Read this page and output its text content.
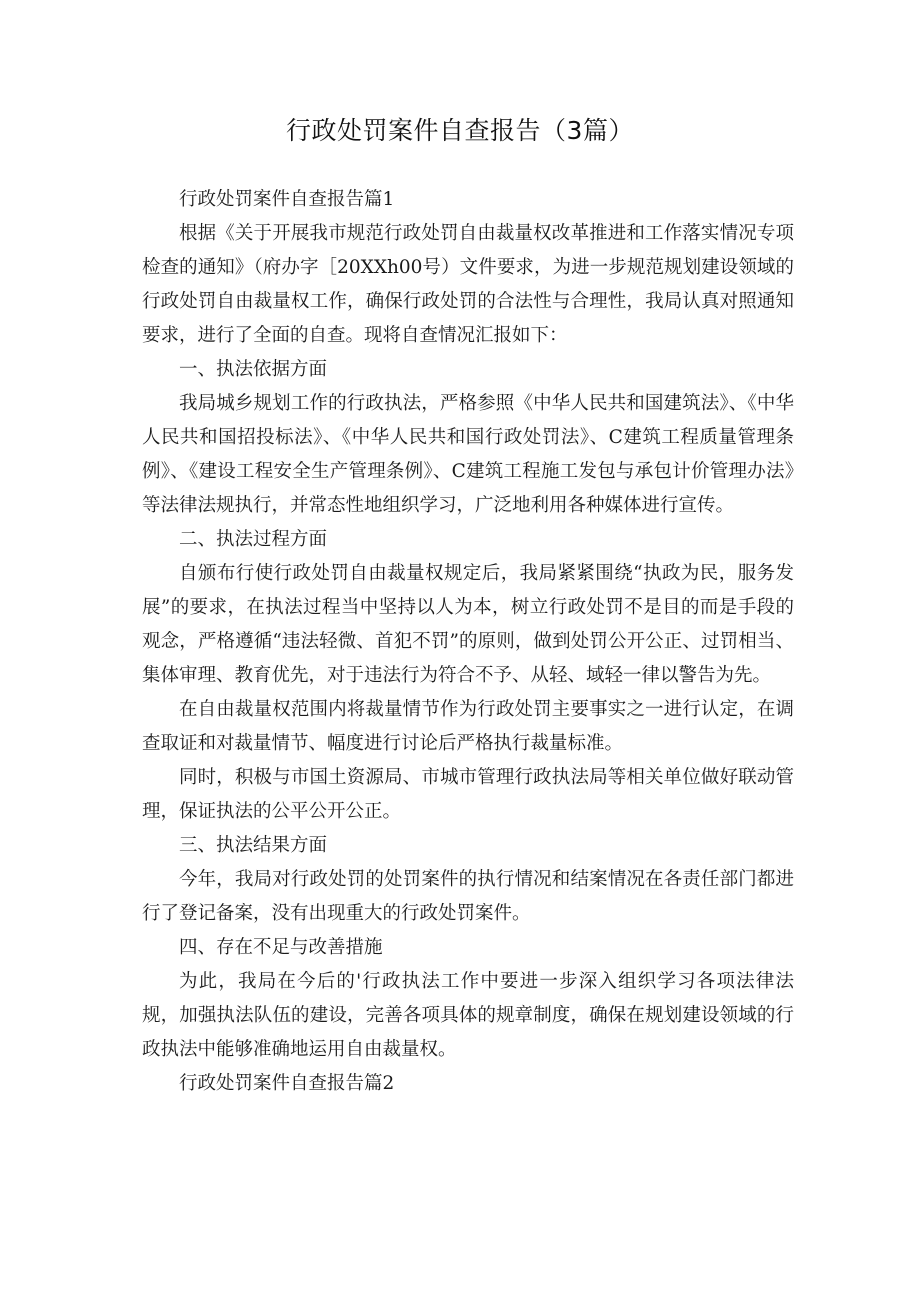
行政处罚案件自查报告（3篇）

行政处罚案件自查报告篇1

根据《关于开展我市规范行政处罚自由裁量权改革推进和工作落实情况专项检查的通知》（府办字［20XXh00号）文件要求，为进一步规范规划建设领域的行政处罚自由裁量权工作，确保行政处罚的合法性与合理性，我局认真对照通知要求，进行了全面的自查。现将自查情况汇报如下：

一、执法依据方面

我局城乡规划工作的行政执法，严格参照《中华人民共和国建筑法》、《中华人民共和国招投标法》、《中华人民共和国行政处罚法》、C建筑工程质量管理条例》、《建设工程安全生产管理条例》、C建筑工程施工发包与承包计价管理办法》等法律法规执行，并常态性地组织学习，广泛地利用各种媒体进行宣传。

二、执法过程方面

自颁布行使行政处罚自由裁量权规定后，我局紧紧围绕“执政为民，服务发展”的要求，在执法过程当中坚持以人为本，树立行政处罚不是目的而是手段的观念，严格遵循“违法轻微、首犯不罚”的原则，做到处罚公开公正、过罚相当、集体审理、教育优先，对于违法行为符合不予、从轻、域轻一律以警告为先。

在自由裁量权范围内将裁量情节作为行政处罚主要事实之一进行认定，在调查取证和对裁量情节、幅度进行讨论后严格执行裁量标准。

同时，积极与市国土资源局、市城市管理行政执法局等相关单位做好联动管理，保证执法的公平公开公正。

三、执法结果方面

今年，我局对行政处罚的处罚案件的执行情况和结案情况在各责任部门都进行了登记备案，没有出现重大的行政处罚案件。

四、存在不足与改善措施

为此，我局在今后的'行政执法工作中要进一步深入组织学习各项法律法规，加强执法队伍的建设，完善各项具体的规章制度，确保在规划建设领域的行政执法中能够准确地运用自由裁量权。

行政处罚案件自查报告篇2
